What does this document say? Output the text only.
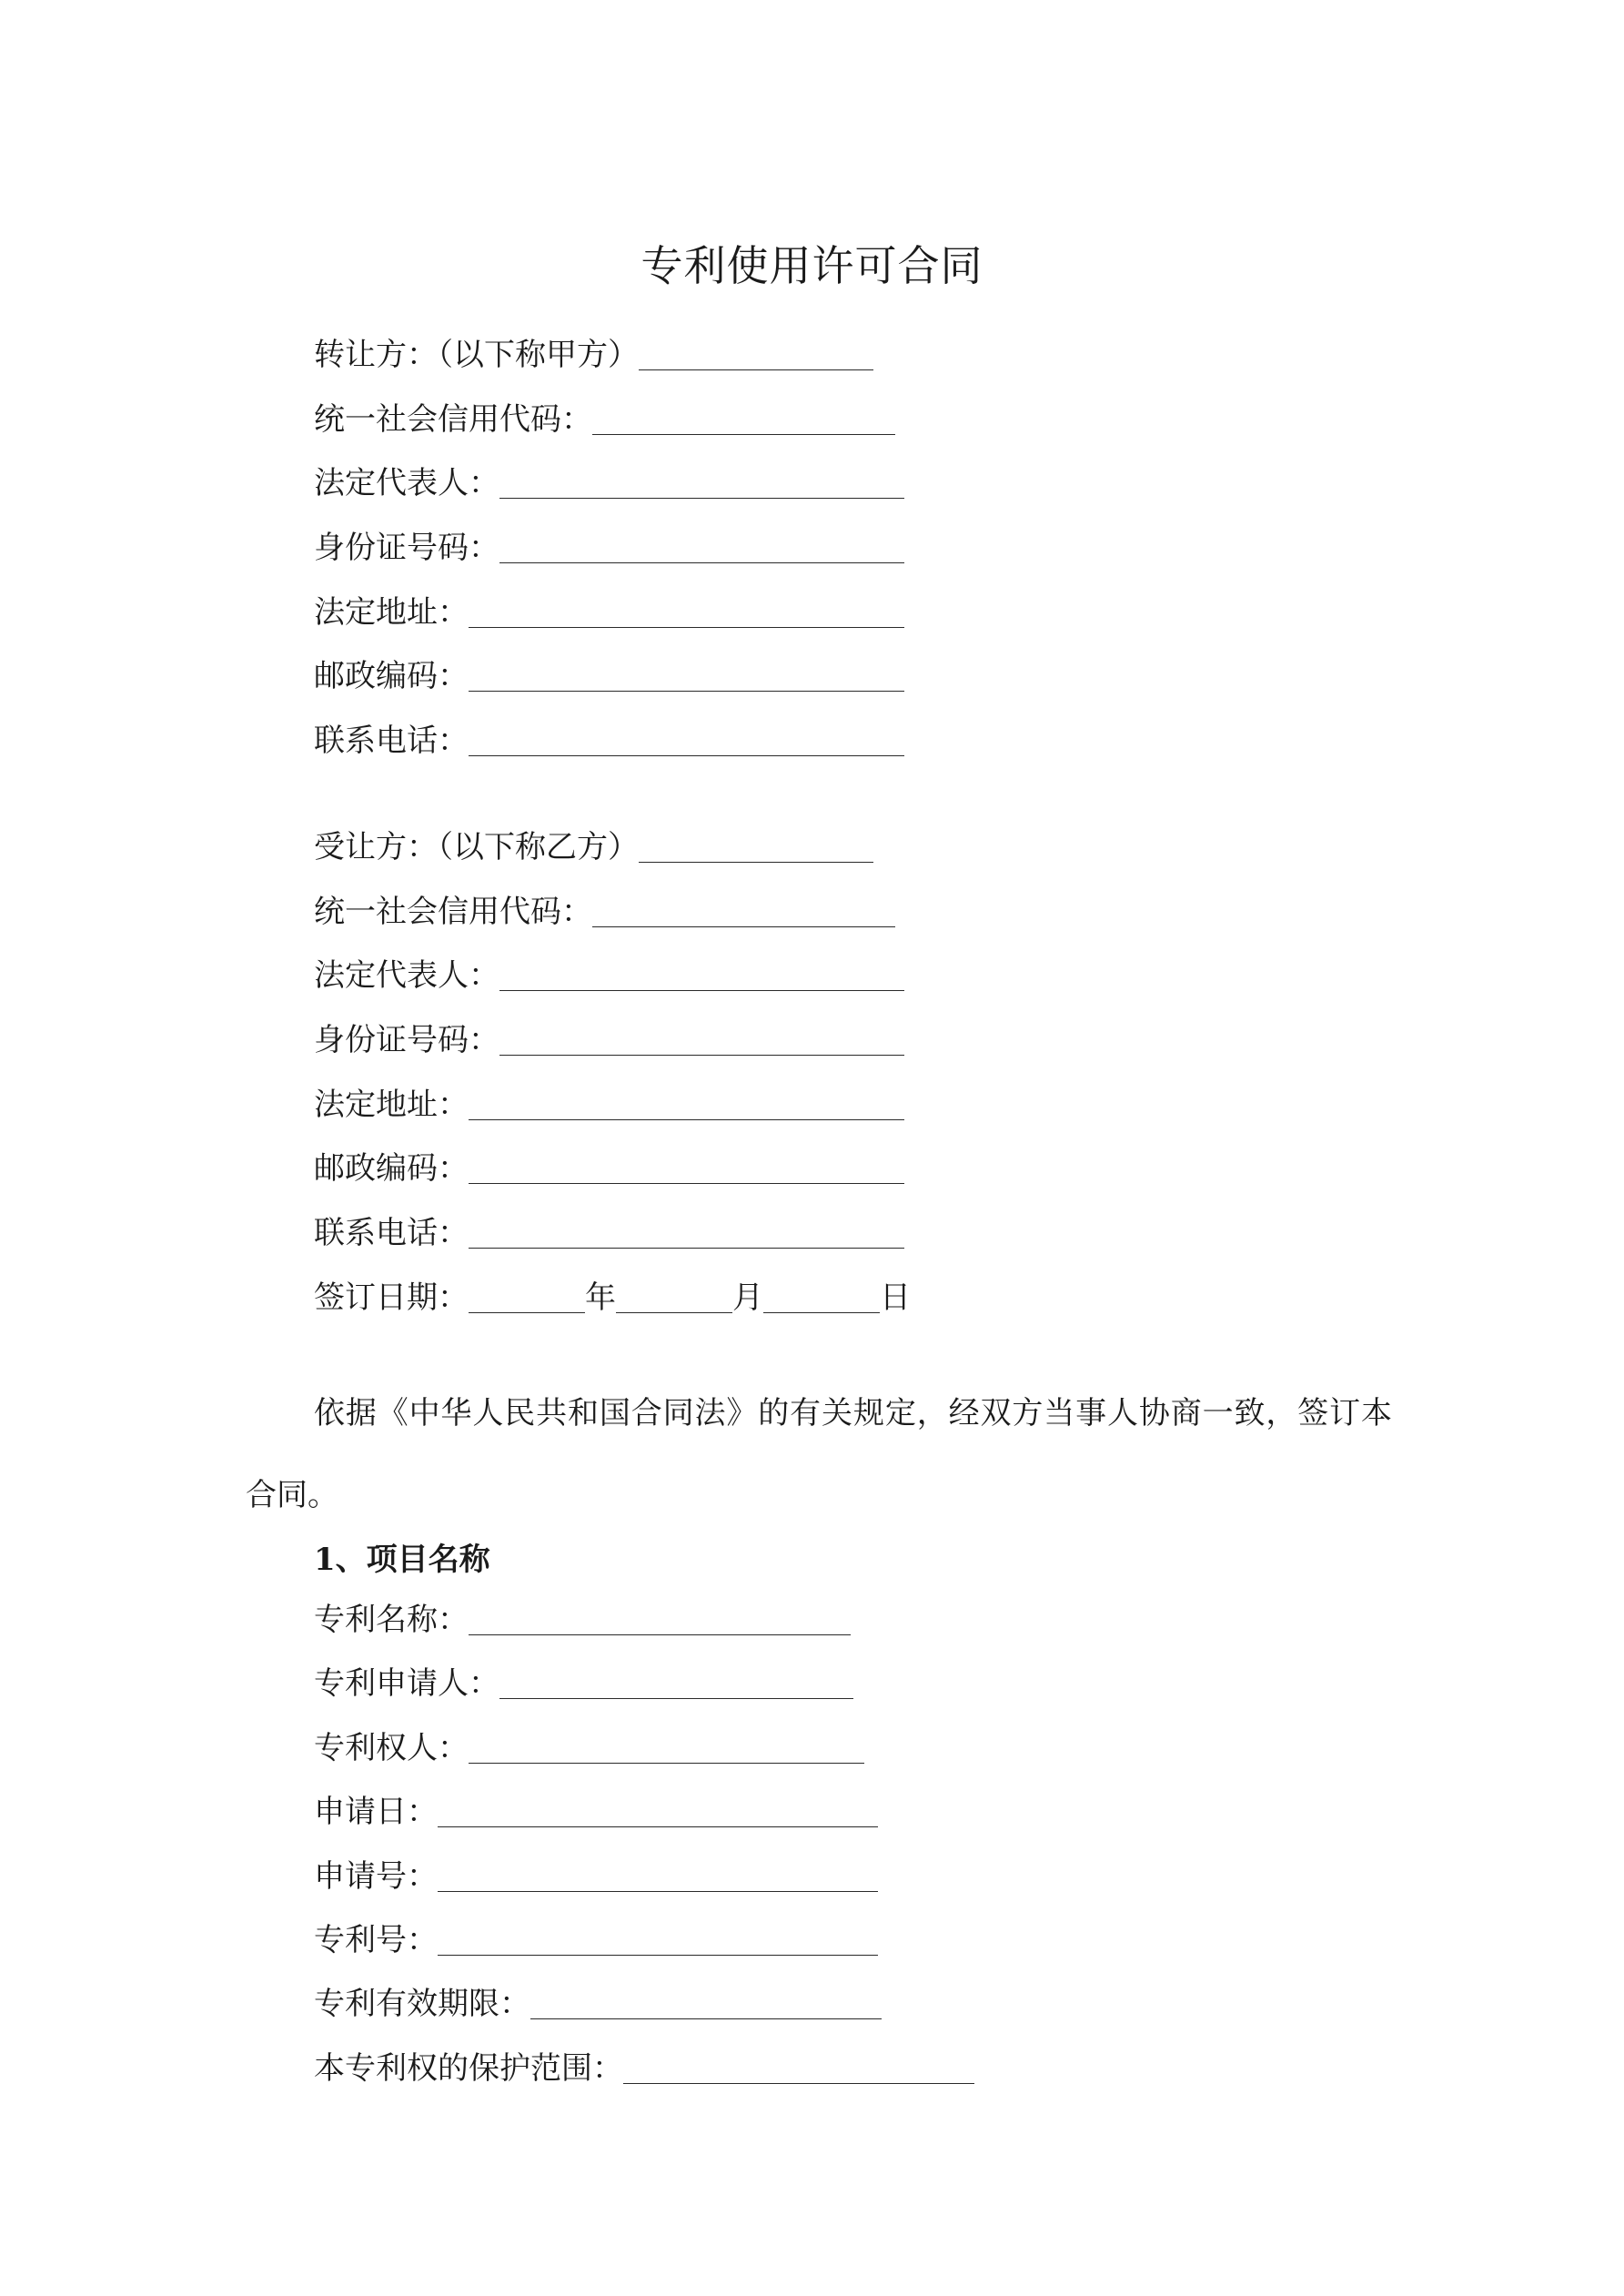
专利使用许可合同
转让方：（以下称甲方）
统一社会信用代码：
法定代表人：
身份证号码：
法定地址：
邮政编码：
联系电话：
受让方：（以下称乙方）
统一社会信用代码：
法定代表人：
身份证号码：
法定地址：
邮政编码：
联系电话：
签订日期：	年	月	日
依据《中华人民共和国合同法》的有关规定，经双方当事人协商一致，签订本合同。
1、项目名称
专利名称：
专利申请人：
专利权人：
申请日：
申请号：
专利号：
专利有效期限：
本专利权的保护范围：
